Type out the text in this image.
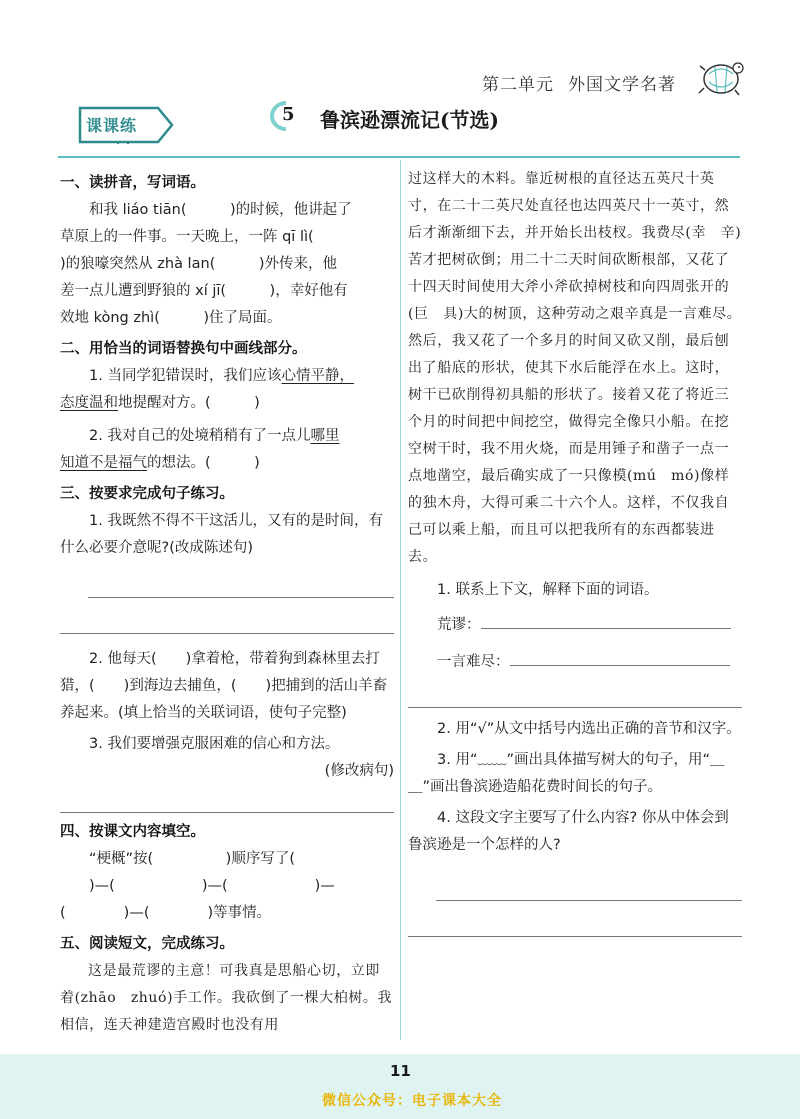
第二单元 外国文学名著
课课练
5 鲁滨逊漂流记(节选)

一、读拼音，写词语。

和我 liáo tiān(　　　)的时候，他讲起了

草原上的一件事。一天晚上，一阵 qī lì(

)的狼嚎突然从 zhà lan(　　　)外传来，他

差一点儿遭到野狼的 xí jī(　　　)，幸好他有

效地 kòng zhì(　　　)住了局面。

二、用恰当的词语替换句中画线部分。

1. 当同学犯错误时，我们应该心情平静，
态度温和地提醒对方。(　　　)

2. 我对自己的处境稍稍有了一点儿哪里
知道不是福气的想法。(　　　)

三、按要求完成句子练习。

1. 我既然不得不干这活儿，又有的是时间，有什么必要介意呢?(改成陈述句)

2. 他每天(　　)拿着枪，带着狗到森林里去打猎，(　　)到海边去捕鱼，(　　)把捕到的活山羊畜养起来。(填上恰当的关联词语，使句子完整)

3. 我们要增强克服困难的信心和方法。

(修改病句)

四、按课文内容填空。

“梗概”按(　　　　　)顺序写了(

　　)—(　　　　　　)—(　　　　　　)—

(　　　　)—(　　　　)等事情。

五、阅读短文，完成练习。

这是最荒谬的主意！可我真是思船心切，立即着(zhāo　zhuó)手工作。我砍倒了一棵大柏树。我相信，连天神建造宫殿时也没有用

过这样大的木料。靠近树根的直径达五英尺十英寸，在二十二英尺处直径也达四英尺十一英寸，然后才渐渐细下去，并开始长出枝杈。我费尽(幸　辛)苦才把树砍倒；用二十二天时间砍断根部，又花了十四天时间使用大斧小斧砍掉树枝和向四周张开的(巨　具)大的树顶，这种劳动之艰辛真是一言难尽。然后，我又花了一个多月的时间又砍又削，最后刨出了船底的形状，使其下水后能浮在水上。这时，树干已砍削得初具船的形状了。接着又花了将近三个月的时间把中间挖空，做得完全像只小船。在挖空树干时，我不用火烧，而是用锤子和凿子一点一点地凿空，最后确实成了一只像模(mú　mó)像样的独木舟，大得可乘二十六个人。这样，不仅我自己可以乘上船，而且可以把我所有的东西都装进去。

1. 联系上下文，解释下面的词语。

荒谬：

一言难尽：

2. 用“√”从文中括号内选出正确的音节和汉字。

3. 用“﹏﹏”画出具体描写树大的句子，用“＿＿”画出鲁滨逊造船花费时间长的句子。

4. 这段文字主要写了什么内容? 你从中体会到鲁滨逊是一个怎样的人?

11
微信公众号：电子课本大全
